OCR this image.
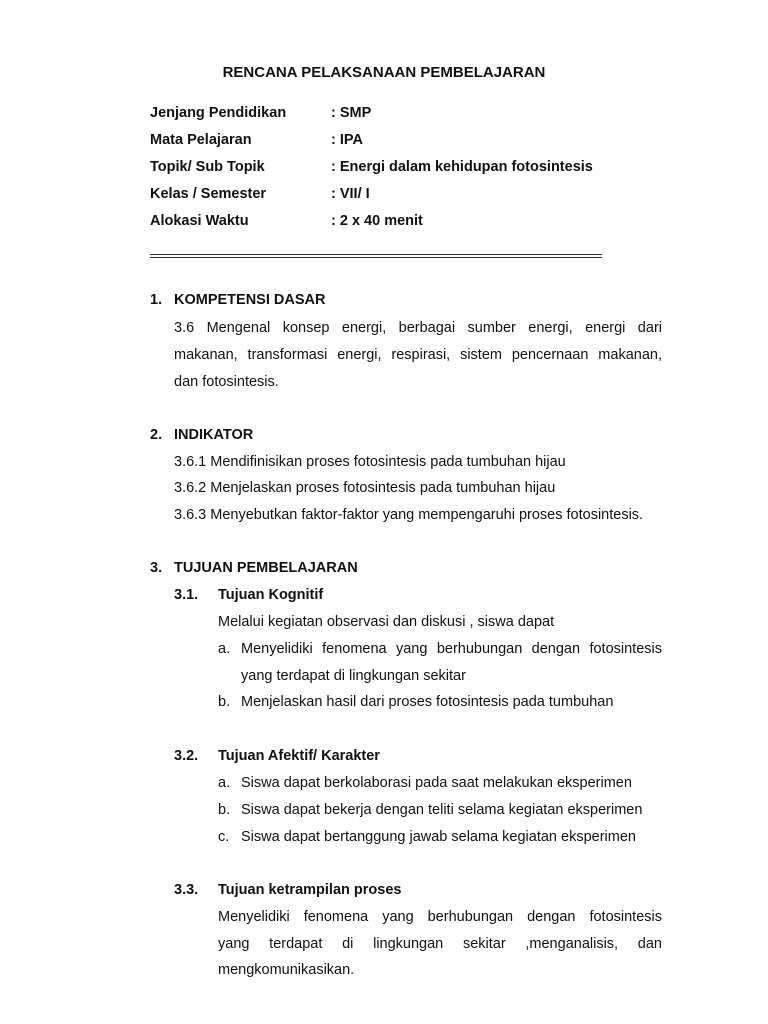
RENCANA PELAKSANAAN PEMBELAJARAN
Jenjang Pendidikan	: SMP
Mata Pelajaran	: IPA
Topik/ Sub Topik	: Energi dalam kehidupan fotosintesis
Kelas / Semester	: VII/ I
Alokasi Waktu	: 2 x 40 menit
1. KOMPETENSI DASAR
3.6 Mengenal konsep energi, berbagai sumber energi, energi dari
makanan, transformasi energi, respirasi, sistem pencernaan makanan,
dan fotosintesis.
2. INDIKATOR
3.6.1 Mendifinisikan proses fotosintesis pada tumbuhan hijau
3.6.2 Menjelaskan proses fotosintesis pada tumbuhan hijau
3.6.3 Menyebutkan faktor-faktor yang mempengaruhi proses fotosintesis.
3. TUJUAN PEMBELAJARAN
3.1. Tujuan Kognitif
Melalui kegiatan observasi dan diskusi , siswa dapat
a. Menyelidiki fenomena yang berhubungan dengan fotosintesis
yang terdapat di lingkungan sekitar
b. Menjelaskan hasil dari proses fotosintesis pada tumbuhan
3.2. Tujuan Afektif/ Karakter
a. Siswa dapat berkolaborasi pada saat melakukan eksperimen
b. Siswa dapat bekerja dengan teliti selama kegiatan eksperimen
c. Siswa dapat bertanggung jawab selama kegiatan eksperimen
3.3. Tujuan ketrampilan proses
Menyelidiki fenomena yang berhubungan dengan fotosintesis
yang terdapat di lingkungan sekitar ,menganalisis, dan
mengkomunikasikan.
